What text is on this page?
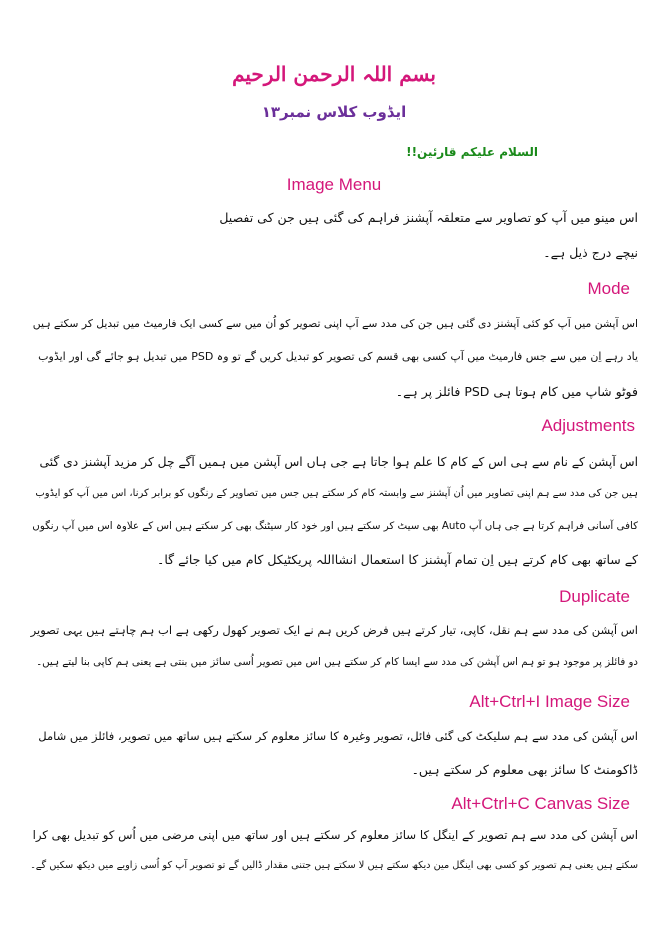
بسم اللہ الرحمن الرحیم
ایڈوب کلاس نمبر۱۳
السلام علیکم قارئین!!
Image Menu
اس مینو میں آپ کو تصاویر سے متعلقہ آپشنز فراہم کی گئی ہیں جن کی تفصیل
نیچے درج ذیل ہے۔
Mode
اس آپشن میں آپ کو کئی آپشنز دی گئی ہیں جن کی مدد سے آپ اپنی تصویر کو اُن میں سے کسی ایک فارمیٹ میں تبدیل کر سکتے ہیں
یاد رہے اِن میں سے جس فارمیٹ میں آپ کسی بھی قسم کی تصویر کو تبدیل کریں گے تو وہ PSD میں تبدیل ہو جائے گی اور ایڈوب
فوٹو شاپ میں کام ہوتا ہی PSD فائلز پر ہے۔
Adjustments
اس آپشن کے نام سے ہی اس کے کام کا علم ہوا جاتا ہے جی ہاں اس آپشن میں ہمیں آگے چل کر مزید آپشنز دی گئی
ہیں جن کی مدد سے ہم اپنی تصاویر میں اُن آپشنز سے وابستہ کام کر سکتے ہیں جس میں تصاویر کے رنگوں کو برابر کرنا، اس میں آپ کو ایڈوب
کافی آسانی فراہم کرتا ہے جی ہاں آپ Auto بھی سیٹ کر سکتے ہیں اور خود کار سیٹنگ بھی کر سکتے ہیں اس کے علاوہ اس میں آپ رنگوں
کے ساتھ بھی کام کرتے ہیں اِن تمام آپشنز کا استعمال انشااللہ پریکٹیکل کام میں کیا جائے گا۔
Duplicate
اس آپشن کی مدد سے ہم نقل، کاپی، تیار کرتے ہیں فرض کریں ہم نے ایک تصویر کھول رکھی ہے اب ہم چاہتے ہیں یہی تصویر
دو فائلز پر موجود ہو تو ہم اس آپشن کی مدد سے ایسا کام کر سکتے ہیں اس میں تصویر اُسی سائز میں بنتی ہے یعنی ہم کاپی بنا لیتے ہیں۔
Alt+Ctrl+I Image Size
اس آپشن کی مدد سے ہم سلیکٹ کی گئی فائل، تصویر وغیرہ کا سائز معلوم کر سکتے ہیں ساتھ میں تصویر، فائلز میں شامل
ڈاکومنٹ کا سائز بھی معلوم کر سکتے ہیں۔
Alt+Ctrl+C Canvas Size
اس آپشن کی مدد سے ہم تصویر کے اینگل کا سائز معلوم کر سکتے ہیں اور ساتھ میں اپنی مرضی میں اُس کو تبدیل بھی کرا
سکتے ہیں یعنی ہم تصویر کو کسی بھی اینگل مین دیکھ سکتے ہیں لا سکتے ہیں جتنی مقدار ڈالیں گے تو تصویر آپ کو اُسی زاویے میں دیکھ سکیں گے۔
